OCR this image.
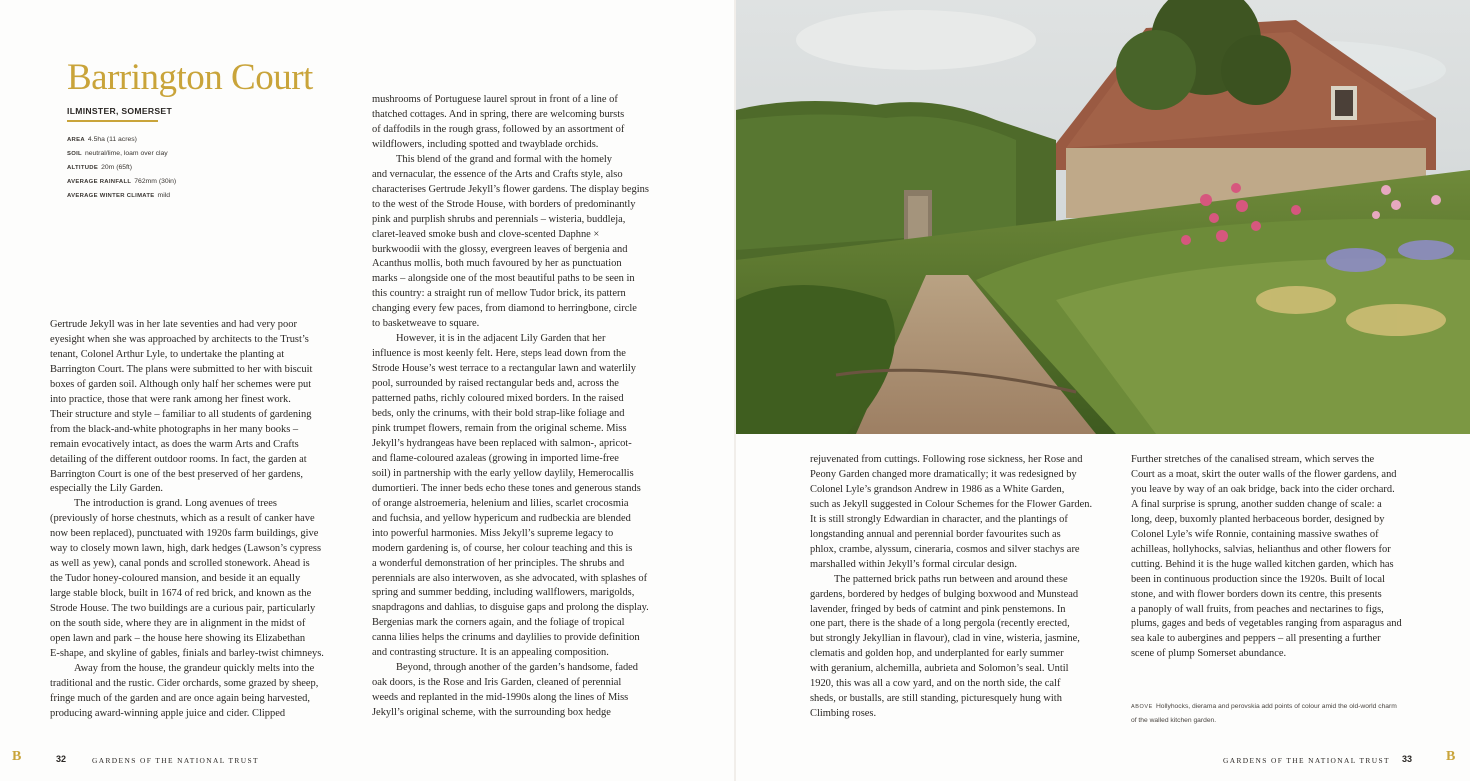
Barrington Court
ILMINSTER, SOMERSET
AREA 4.5ha (11 acres)
SOIL neutral/lime, loam over clay
ALTITUDE 20m (65ft)
AVERAGE RAINFALL 762mm (30in)
AVERAGE WINTER CLIMATE mild

Gertrude Jekyll was in her late seventies and had very poor
eyesight when she was approached by architects to the Trust’s
tenant, Colonel Arthur Lyle, to undertake the planting at
Barrington Court. The plans were submitted to her with biscuit
boxes of garden soil. Although only half her schemes were put
into practice, those that were rank among her finest work.
Their structure and style – familiar to all students of gardening
from the black-and-white photographs in her many books –
remain evocatively intact, as does the warm Arts and Crafts
detailing of the different outdoor rooms. In fact, the garden at
Barrington Court is one of the best preserved of her gardens,
especially the Lily Garden.

The introduction is grand. Long avenues of trees
(previously of horse chestnuts, which as a result of canker have
now been replaced), punctuated with 1920s farm buildings, give
way to closely mown lawn, high, dark hedges (Lawson’s cypress
as well as yew), canal ponds and scrolled stonework. Ahead is
the Tudor honey-coloured mansion, and beside it an equally
large stable block, built in 1674 of red brick, and known as the
Strode House. The two buildings are a curious pair, particularly
on the south side, where they are in alignment in the midst of
open lawn and park – the house here showing its Elizabethan
E-shape, and skyline of gables, finials and barley-twist chimneys.

Away from the house, the grandeur quickly melts into the
traditional and the rustic. Cider orchards, some grazed by sheep,
fringe much of the garden and are once again being harvested,
producing award-winning apple juice and cider. Clipped

mushrooms of Portuguese laurel sprout in front of a line of
thatched cottages. And in spring, there are welcoming bursts
of daffodils in the rough grass, followed by an assortment of
wildflowers, including spotted and twayblade orchids.

This blend of the grand and formal with the homely
and vernacular, the essence of the Arts and Crafts style, also
characterises Gertrude Jekyll’s flower gardens. The display begins
to the west of the Strode House, with borders of predominantly
pink and purplish shrubs and perennials – wisteria, buddleja,
claret-leaved smoke bush and clove-scented Daphne ×
burkwoodii with the glossy, evergreen leaves of bergenia and
Acanthus mollis, both much favoured by her as punctuation
marks – alongside one of the most beautiful paths to be seen in
this country: a straight run of mellow Tudor brick, its pattern
changing every few paces, from diamond to herringbone, circle
to basketweave to square.

However, it is in the adjacent Lily Garden that her
influence is most keenly felt. Here, steps lead down from the
Strode House’s west terrace to a rectangular lawn and waterlily
pool, surrounded by raised rectangular beds and, across the
patterned paths, richly coloured mixed borders. In the raised
beds, only the crinums, with their bold strap-like foliage and
pink trumpet flowers, remain from the original scheme. Miss
Jekyll’s hydrangeas have been replaced with salmon-, apricot-
and flame-coloured azaleas (growing in imported lime-free
soil) in partnership with the early yellow daylily, Hemerocallis
dumortieri. The inner beds echo these tones and generous stands
of orange alstroemeria, helenium and lilies, scarlet crocosmia
and fuchsia, and yellow hypericum and rudbeckia are blended
into powerful harmonies. Miss Jekyll’s supreme legacy to
modern gardening is, of course, her colour teaching and this is
a wonderful demonstration of her principles. The shrubs and
perennials are also interwoven, as she advocated, with splashes of
spring and summer bedding, including wallflowers, marigolds,
snapdragons and dahlias, to disguise gaps and prolong the display.
Bergenias mark the corners again, and the foliage of tropical
canna lilies helps the crinums and daylilies to provide definition
and contrasting structure. It is an appealing composition.

Beyond, through another of the garden’s handsome, faded
oak doors, is the Rose and Iris Garden, cleaned of perennial
weeds and replanted in the mid-1990s along the lines of Miss
Jekyll’s original scheme, with the surrounding box hedge

B	32	GARDENS OF THE NATIONAL TRUST

rejuvenated from cuttings. Following rose sickness, her Rose and
Peony Garden changed more dramatically; it was redesigned by
Colonel Lyle’s grandson Andrew in 1986 as a White Garden,
such as Jekyll suggested in Colour Schemes for the Flower Garden.
It is still strongly Edwardian in character, and the plantings of
longstanding annual and perennial border favourites such as
phlox, crambe, alyssum, cineraria, cosmos and silver stachys are
marshalled within Jekyll’s formal circular design.

The patterned brick paths run between and around these
gardens, bordered by hedges of bulging boxwood and Munstead
lavender, fringed by beds of catmint and pink penstemons. In
one part, there is the shade of a long pergola (recently erected,
but strongly Jekyllian in flavour), clad in vine, wisteria, jasmine,
clematis and golden hop, and underplanted for early summer
with geranium, alchemilla, aubrieta and Solomon’s seal. Until
1920, this was all a cow yard, and on the north side, the calf
sheds, or bustalls, are still standing, picturesquely hung with
Climbing roses.

Further stretches of the canalised stream, which serves the
Court as a moat, skirt the outer walls of the flower gardens, and
you leave by way of an oak bridge, back into the cider orchard.
A final surprise is sprung, another sudden change of scale: a
long, deep, buxomly planted herbaceous border, designed by
Colonel Lyle’s wife Ronnie, containing massive swathes of
achilleas, hollyhocks, salvias, helianthus and other flowers for
cutting. Behind it is the huge walled kitchen garden, which has
been in continuous production since the 1920s. Built of local
stone, and with flower borders down its centre, this presents
a panoply of wall fruits, from peaches and nectarines to figs,
plums, gages and beds of vegetables ranging from asparagus and
sea kale to aubergines and peppers – all presenting a further
scene of plump Somerset abundance.

ABOVE Hollyhocks, dierama and perovskia add points of colour amid the old-world charm
of the walled kitchen garden.
GARDENS OF THE NATIONAL TRUST 33 B
